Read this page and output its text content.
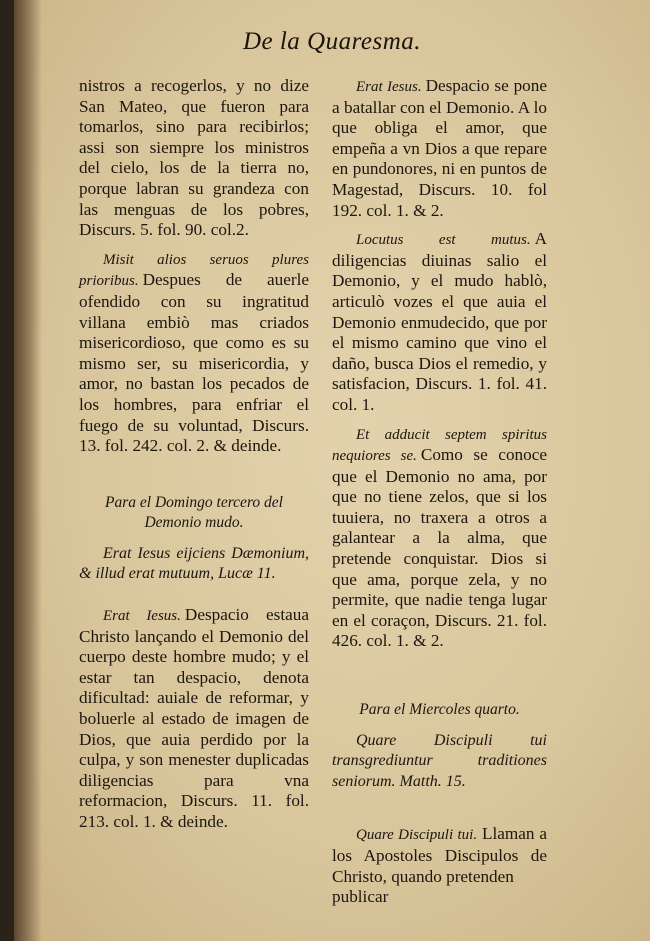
De la Quaresma.

nistros a recogerlos, y no dize San Mateo, que fueron para tomarlos, sino para recibirlos; assi son siempre los ministros del cielo, los de la tierra no, porque labran su grandeza con las menguas de los pobres, Discurs. 5. fol. 90. col.2.

Misit alios seruos plures prioribus. Despues de auerle ofendido con su ingratitud villana embiò mas criados misericordioso, que como es su mismo ser, su misericordia, y amor, no bastan los pecados de los hombres, para enfriar el fuego de su voluntad, Discurs. 13. fol. 242. col. 2. & deinde.

Para el Domingo tercero del Demonio mudo.

Erat Iesus eijciens Dæmonium, & illud erat mutuum, Lucæ 11.

Erat Iesus. Despacio estaua Christo lançando el Demonio del cuerpo deste hombre mudo; y el estar tan despacio, denota dificultad: auiale de reformar, y boluerle al estado de imagen de Dios, que auia perdido por la culpa, y son menester duplicadas diligencias para vna reformacion, Discurs. 11. fol. 213. col. 1. & deinde.

Erat Iesus. Despacio se pone a batallar con el Demonio. A lo que obliga el amor, que empeña a vn Dios a que repare en pundonores, ni en puntos de Magestad, Discurs. 10. fol 192. col. 1. & 2.

Locutus est mutus. A diligencias diuinas salio el Demonio, y el mudo hablò, articulò vozes el que auia el Demonio enmudecido, que por el mismo camino que vino el daño, busca Dios el remedio, y satisfacion, Discurs. 1. fol. 41. col. 1.

Et adducit septem spiritus nequiores se. Como se conoce que el Demonio no ama, por que no tiene zelos, que si los tuuiera, no traxera a otros a galantear a la alma, que pretende conquistar. Dios si que ama, porque zela, y no permite, que nadie tenga lugar en el coraçon, Discurs. 21. fol. 426. col. 1. & 2.

Para el Miercoles quarto.

Quare Discipuli tui transgrediuntur traditiones seniorum. Matth. 15.

Quare Discipuli tui. Llaman a los Apostoles Discipulos de Christo, quando pretenden

publicar
